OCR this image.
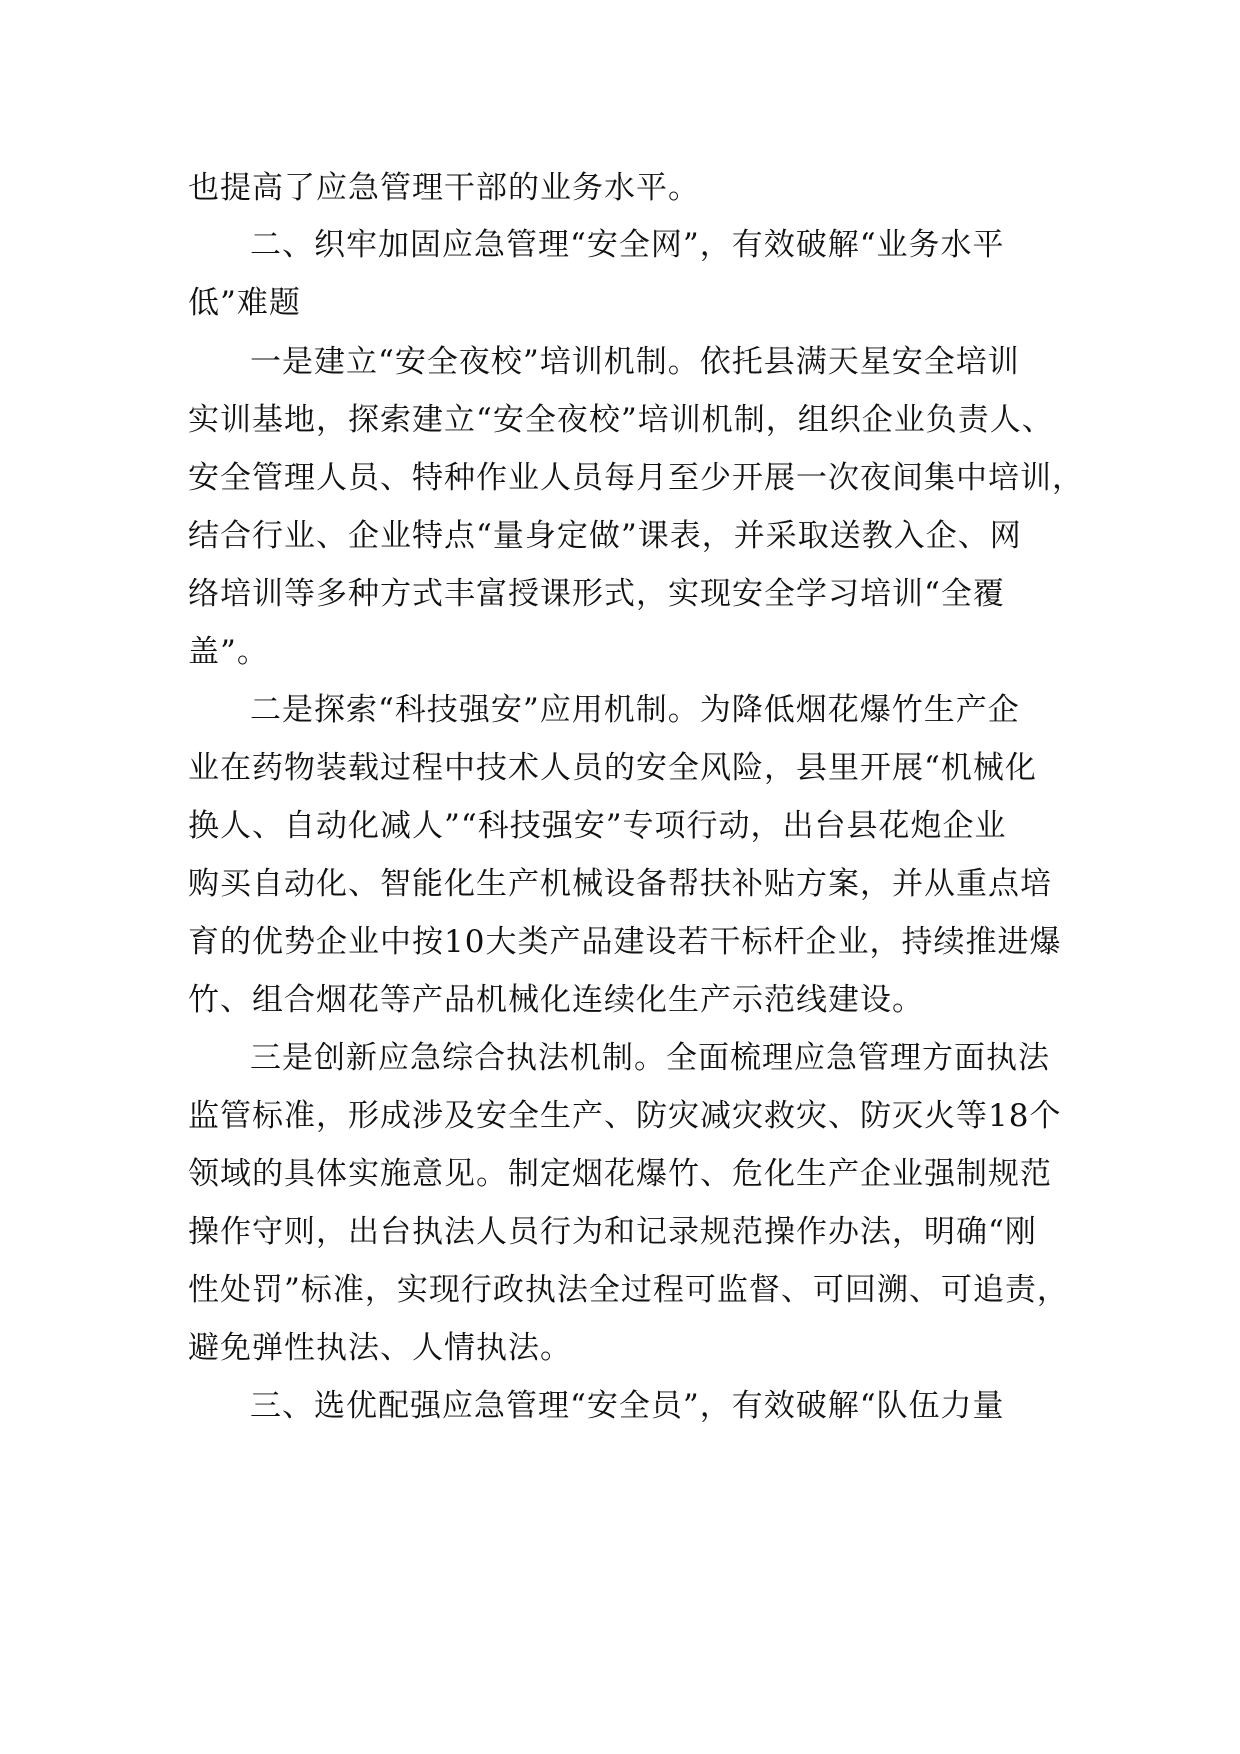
也提高了应急管理干部的业务水平。
二、织牢加固应急管理“安全网”，有效破解“业务水平
低”难题
一是建立“安全夜校”培训机制。依托县满天星安全培训
实训基地，探索建立“安全夜校”培训机制，组织企业负责人、
安全管理人员、特种作业人员每月至少开展一次夜间集中培训，
结合行业、企业特点“量身定做”课表，并采取送教入企、网
络培训等多种方式丰富授课形式，实现安全学习培训“全覆
盖”。
二是探索“科技强安”应用机制。为降低烟花爆竹生产企
业在药物装载过程中技术人员的安全风险，县里开展“机械化
换人、自动化减人”“科技强安”专项行动，出台县花炮企业
购买自动化、智能化生产机械设备帮扶补贴方案，并从重点培
育的优势企业中按10大类产品建设若干标杆企业，持续推进爆
竹、组合烟花等产品机械化连续化生产示范线建设。
三是创新应急综合执法机制。全面梳理应急管理方面执法
监管标准，形成涉及安全生产、防灾减灾救灾、防灭火等18个
领域的具体实施意见。制定烟花爆竹、危化生产企业强制规范
操作守则，出台执法人员行为和记录规范操作办法，明确“刚
性处罚”标准，实现行政执法全过程可监督、可回溯、可追责，
避免弹性执法、人情执法。
三、选优配强应急管理“安全员”，有效破解“队伍力量
